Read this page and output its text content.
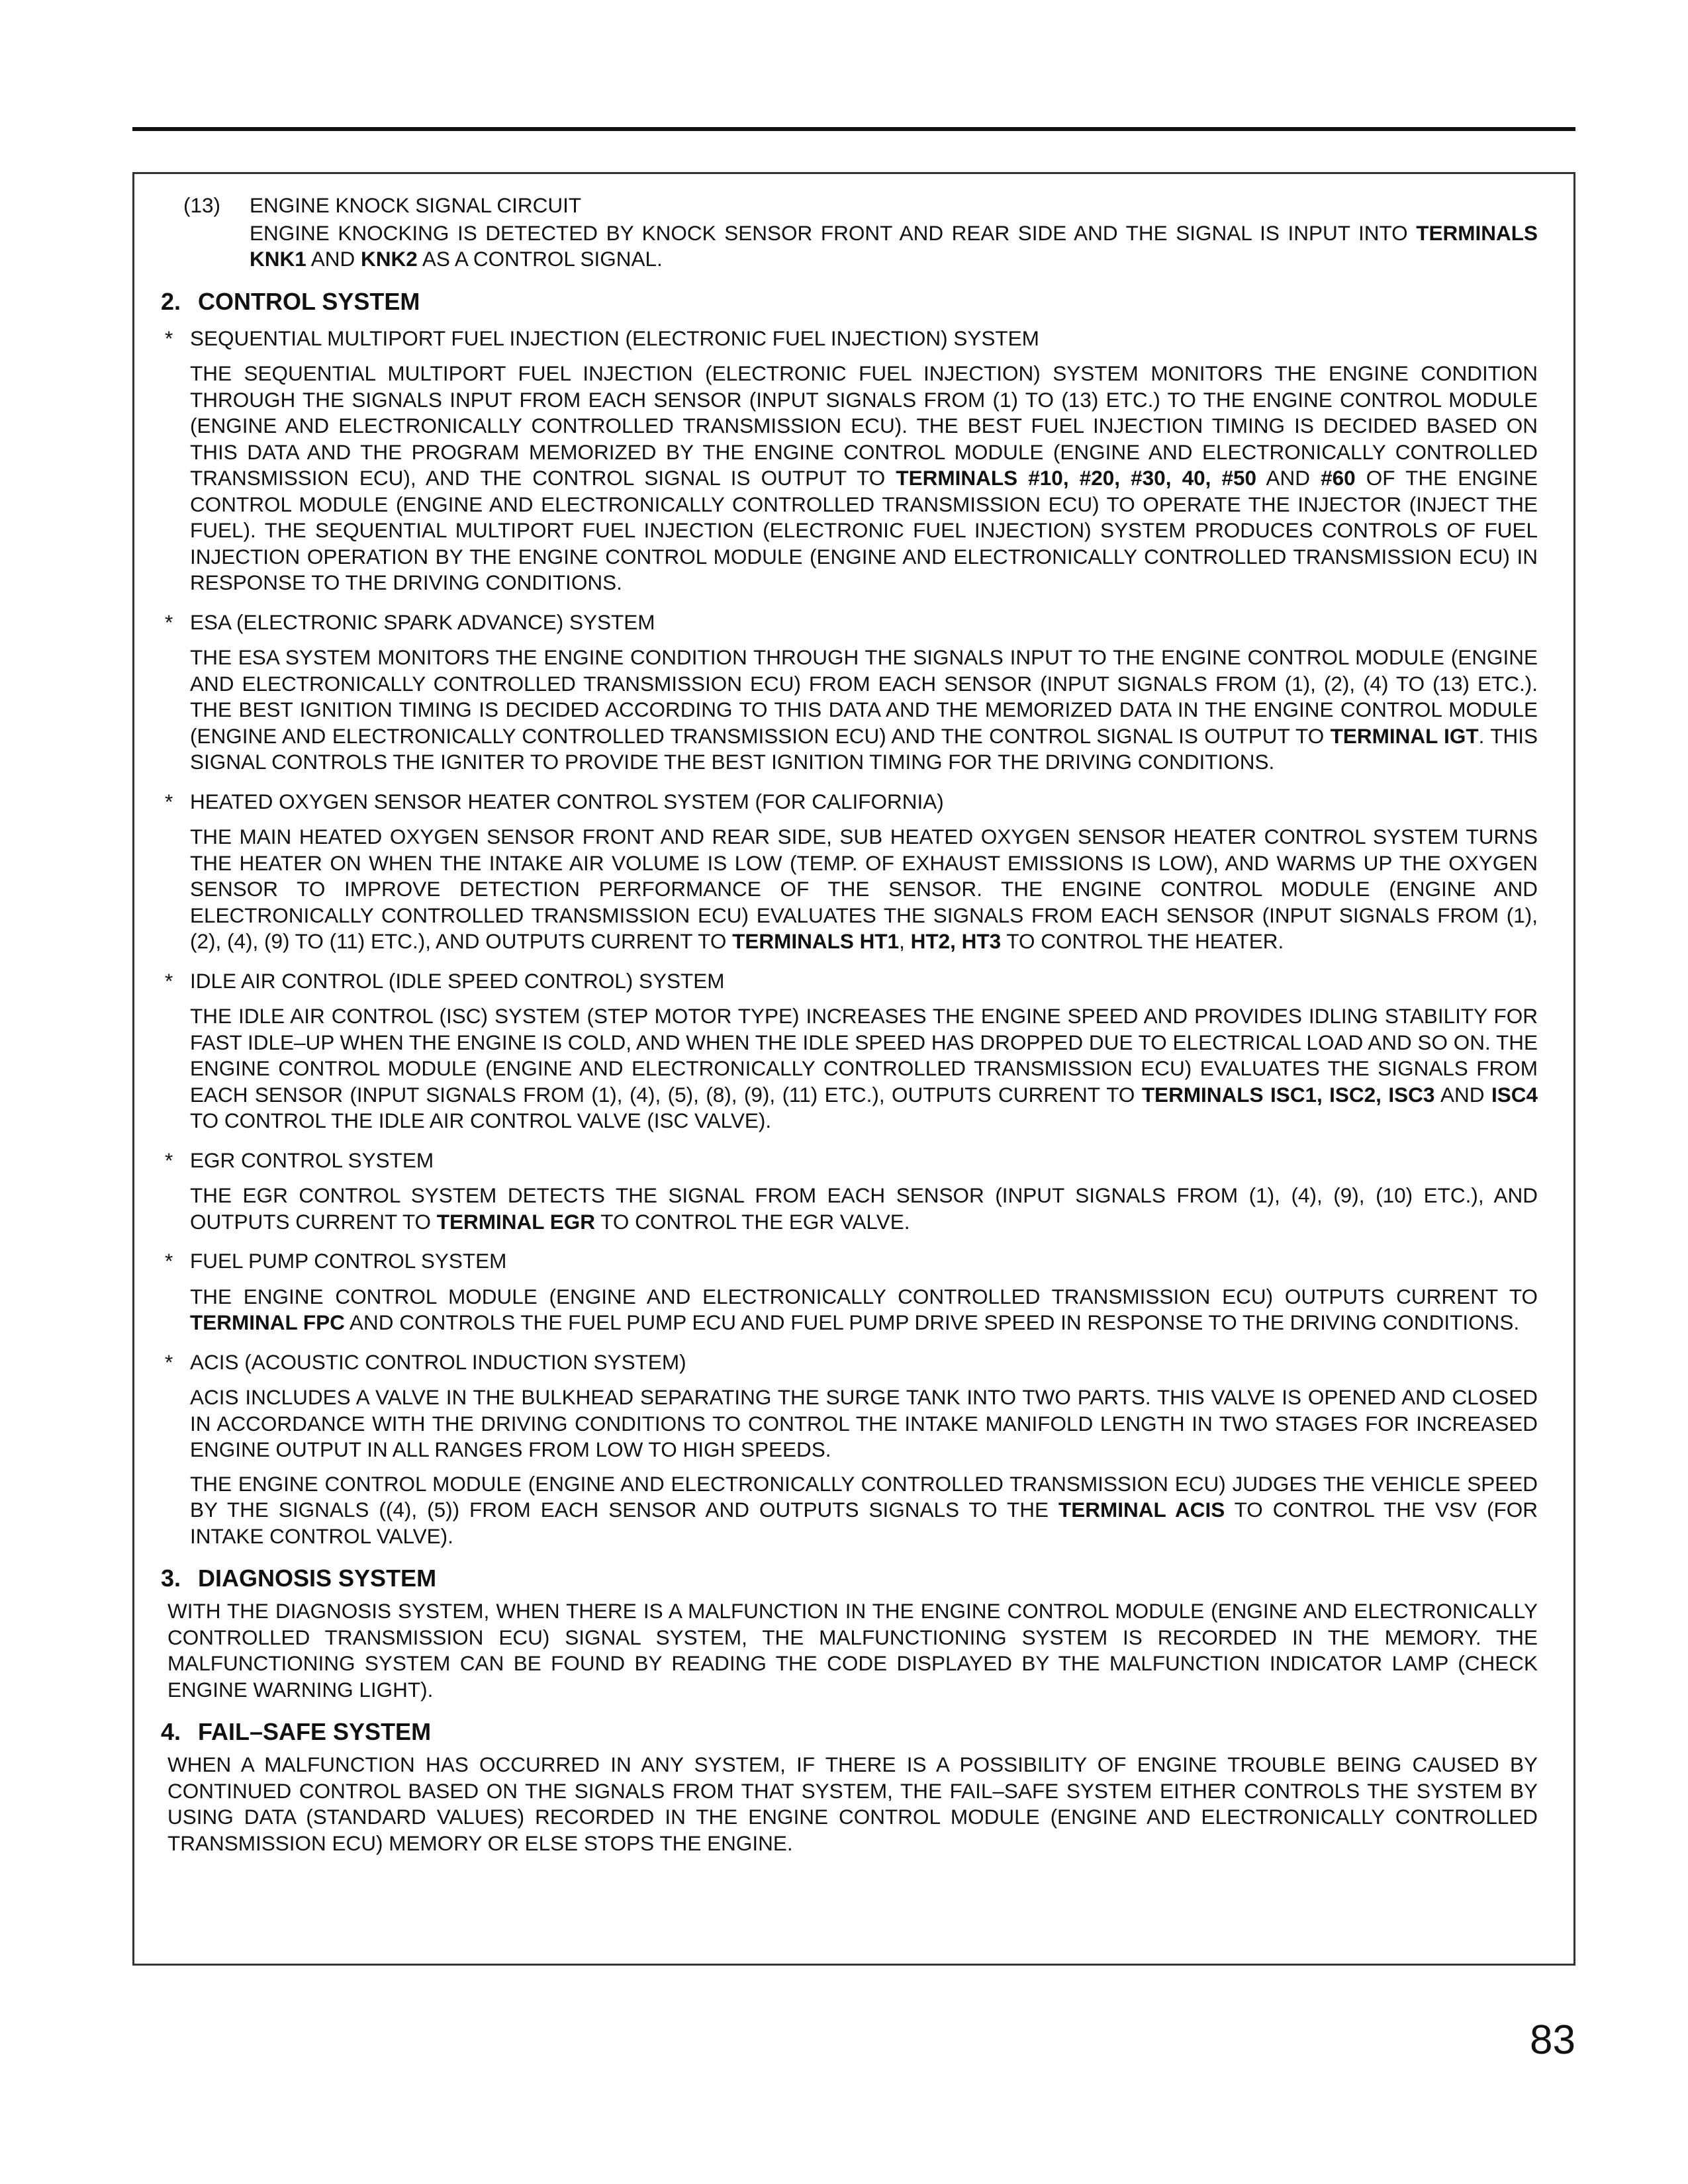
(13) ENGINE KNOCK SIGNAL CIRCUIT

ENGINE KNOCKING IS DETECTED BY KNOCK SENSOR FRONT AND REAR SIDE AND THE SIGNAL IS INPUT INTO TERMINALS KNK1 AND KNK2 AS A CONTROL SIGNAL.

2. CONTROL SYSTEM
* SEQUENTIAL MULTIPORT FUEL INJECTION (ELECTRONIC FUEL INJECTION) SYSTEM

THE SEQUENTIAL MULTIPORT FUEL INJECTION (ELECTRONIC FUEL INJECTION) SYSTEM MONITORS THE ENGINE CONDITION THROUGH THE SIGNALS INPUT FROM EACH SENSOR (INPUT SIGNALS FROM (1) TO (13) ETC.) TO THE ENGINE CONTROL MODULE (ENGINE AND ELECTRONICALLY CONTROLLED TRANSMISSION ECU). THE BEST FUEL INJECTION TIMING IS DECIDED BASED ON THIS DATA AND THE PROGRAM MEMORIZED BY THE ENGINE CONTROL MODULE (ENGINE AND ELECTRONICALLY CONTROLLED TRANSMISSION ECU), AND THE CONTROL SIGNAL IS OUTPUT TO TERMINALS #10, #20, #30, 40, #50 AND #60 OF THE ENGINE CONTROL MODULE (ENGINE AND ELECTRONICALLY CONTROLLED TRANSMISSION ECU) TO OPERATE THE INJECTOR (INJECT THE FUEL). THE SEQUENTIAL MULTIPORT FUEL INJECTION (ELECTRONIC FUEL INJECTION) SYSTEM PRODUCES CONTROLS OF FUEL INJECTION OPERATION BY THE ENGINE CONTROL MODULE (ENGINE AND ELECTRONICALLY CONTROLLED TRANSMISSION ECU) IN RESPONSE TO THE DRIVING CONDITIONS.

* ESA (ELECTRONIC SPARK ADVANCE) SYSTEM

THE ESA SYSTEM MONITORS THE ENGINE CONDITION THROUGH THE SIGNALS INPUT TO THE ENGINE CONTROL MODULE (ENGINE AND ELECTRONICALLY CONTROLLED TRANSMISSION ECU) FROM EACH SENSOR (INPUT SIGNALS FROM (1), (2), (4) TO (13) ETC.). THE BEST IGNITION TIMING IS DECIDED ACCORDING TO THIS DATA AND THE MEMORIZED DATA IN THE ENGINE CONTROL MODULE (ENGINE AND ELECTRONICALLY CONTROLLED TRANSMISSION ECU) AND THE CONTROL SIGNAL IS OUTPUT TO TERMINAL IGT. THIS SIGNAL CONTROLS THE IGNITER TO PROVIDE THE BEST IGNITION TIMING FOR THE DRIVING CONDITIONS.

* HEATED OXYGEN SENSOR HEATER CONTROL SYSTEM (FOR CALIFORNIA)

THE MAIN HEATED OXYGEN SENSOR FRONT AND REAR SIDE, SUB HEATED OXYGEN SENSOR HEATER CONTROL SYSTEM TURNS THE HEATER ON WHEN THE INTAKE AIR VOLUME IS LOW (TEMP. OF EXHAUST EMISSIONS IS LOW), AND WARMS UP THE OXYGEN SENSOR TO IMPROVE DETECTION PERFORMANCE OF THE SENSOR. THE ENGINE CONTROL MODULE (ENGINE AND ELECTRONICALLY CONTROLLED TRANSMISSION ECU) EVALUATES THE SIGNALS FROM EACH SENSOR (INPUT SIGNALS FROM (1), (2), (4), (9) TO (11) ETC.), AND OUTPUTS CURRENT TO TERMINALS HT1, HT2, HT3 TO CONTROL THE HEATER.

* IDLE AIR CONTROL (IDLE SPEED CONTROL) SYSTEM

THE IDLE AIR CONTROL (ISC) SYSTEM (STEP MOTOR TYPE) INCREASES THE ENGINE SPEED AND PROVIDES IDLING STABILITY FOR FAST IDLE–UP WHEN THE ENGINE IS COLD, AND WHEN THE IDLE SPEED HAS DROPPED DUE TO ELECTRICAL LOAD AND SO ON. THE ENGINE CONTROL MODULE (ENGINE AND ELECTRONICALLY CONTROLLED TRANSMISSION ECU) EVALUATES THE SIGNALS FROM EACH SENSOR (INPUT SIGNALS FROM (1), (4), (5), (8), (9), (11) ETC.), OUTPUTS CURRENT TO TERMINALS ISC1, ISC2, ISC3 AND ISC4 TO CONTROL THE IDLE AIR CONTROL VALVE (ISC VALVE).

* EGR CONTROL SYSTEM

THE EGR CONTROL SYSTEM DETECTS THE SIGNAL FROM EACH SENSOR (INPUT SIGNALS FROM (1), (4), (9), (10) ETC.), AND OUTPUTS CURRENT TO TERMINAL EGR TO CONTROL THE EGR VALVE.

* FUEL PUMP CONTROL SYSTEM

THE ENGINE CONTROL MODULE (ENGINE AND ELECTRONICALLY CONTROLLED TRANSMISSION ECU) OUTPUTS CURRENT TO TERMINAL FPC AND CONTROLS THE FUEL PUMP ECU AND FUEL PUMP DRIVE SPEED IN RESPONSE TO THE DRIVING CONDITIONS.

* ACIS (ACOUSTIC CONTROL INDUCTION SYSTEM)

ACIS INCLUDES A VALVE IN THE BULKHEAD SEPARATING THE SURGE TANK INTO TWO PARTS. THIS VALVE IS OPENED AND CLOSED IN ACCORDANCE WITH THE DRIVING CONDITIONS TO CONTROL THE INTAKE MANIFOLD LENGTH IN TWO STAGES FOR INCREASED ENGINE OUTPUT IN ALL RANGES FROM LOW TO HIGH SPEEDS.

THE ENGINE CONTROL MODULE (ENGINE AND ELECTRONICALLY CONTROLLED TRANSMISSION ECU) JUDGES THE VEHICLE SPEED BY THE SIGNALS ((4), (5)) FROM EACH SENSOR AND OUTPUTS SIGNALS TO THE TERMINAL ACIS TO CONTROL THE VSV (FOR INTAKE CONTROL VALVE).

3. DIAGNOSIS SYSTEM

WITH THE DIAGNOSIS SYSTEM, WHEN THERE IS A MALFUNCTION IN THE ENGINE CONTROL MODULE (ENGINE AND ELECTRONICALLY CONTROLLED TRANSMISSION ECU) SIGNAL SYSTEM, THE MALFUNCTIONING SYSTEM IS RECORDED IN THE MEMORY. THE MALFUNCTIONING SYSTEM CAN BE FOUND BY READING THE CODE DISPLAYED BY THE MALFUNCTION INDICATOR LAMP (CHECK ENGINE WARNING LIGHT).

4. FAIL–SAFE SYSTEM

WHEN A MALFUNCTION HAS OCCURRED IN ANY SYSTEM, IF THERE IS A POSSIBILITY OF ENGINE TROUBLE BEING CAUSED BY CONTINUED CONTROL BASED ON THE SIGNALS FROM THAT SYSTEM, THE FAIL–SAFE SYSTEM EITHER CONTROLS THE SYSTEM BY USING DATA (STANDARD VALUES) RECORDED IN THE ENGINE CONTROL MODULE (ENGINE AND ELECTRONICALLY CONTROLLED TRANSMISSION ECU) MEMORY OR ELSE STOPS THE ENGINE.

83
